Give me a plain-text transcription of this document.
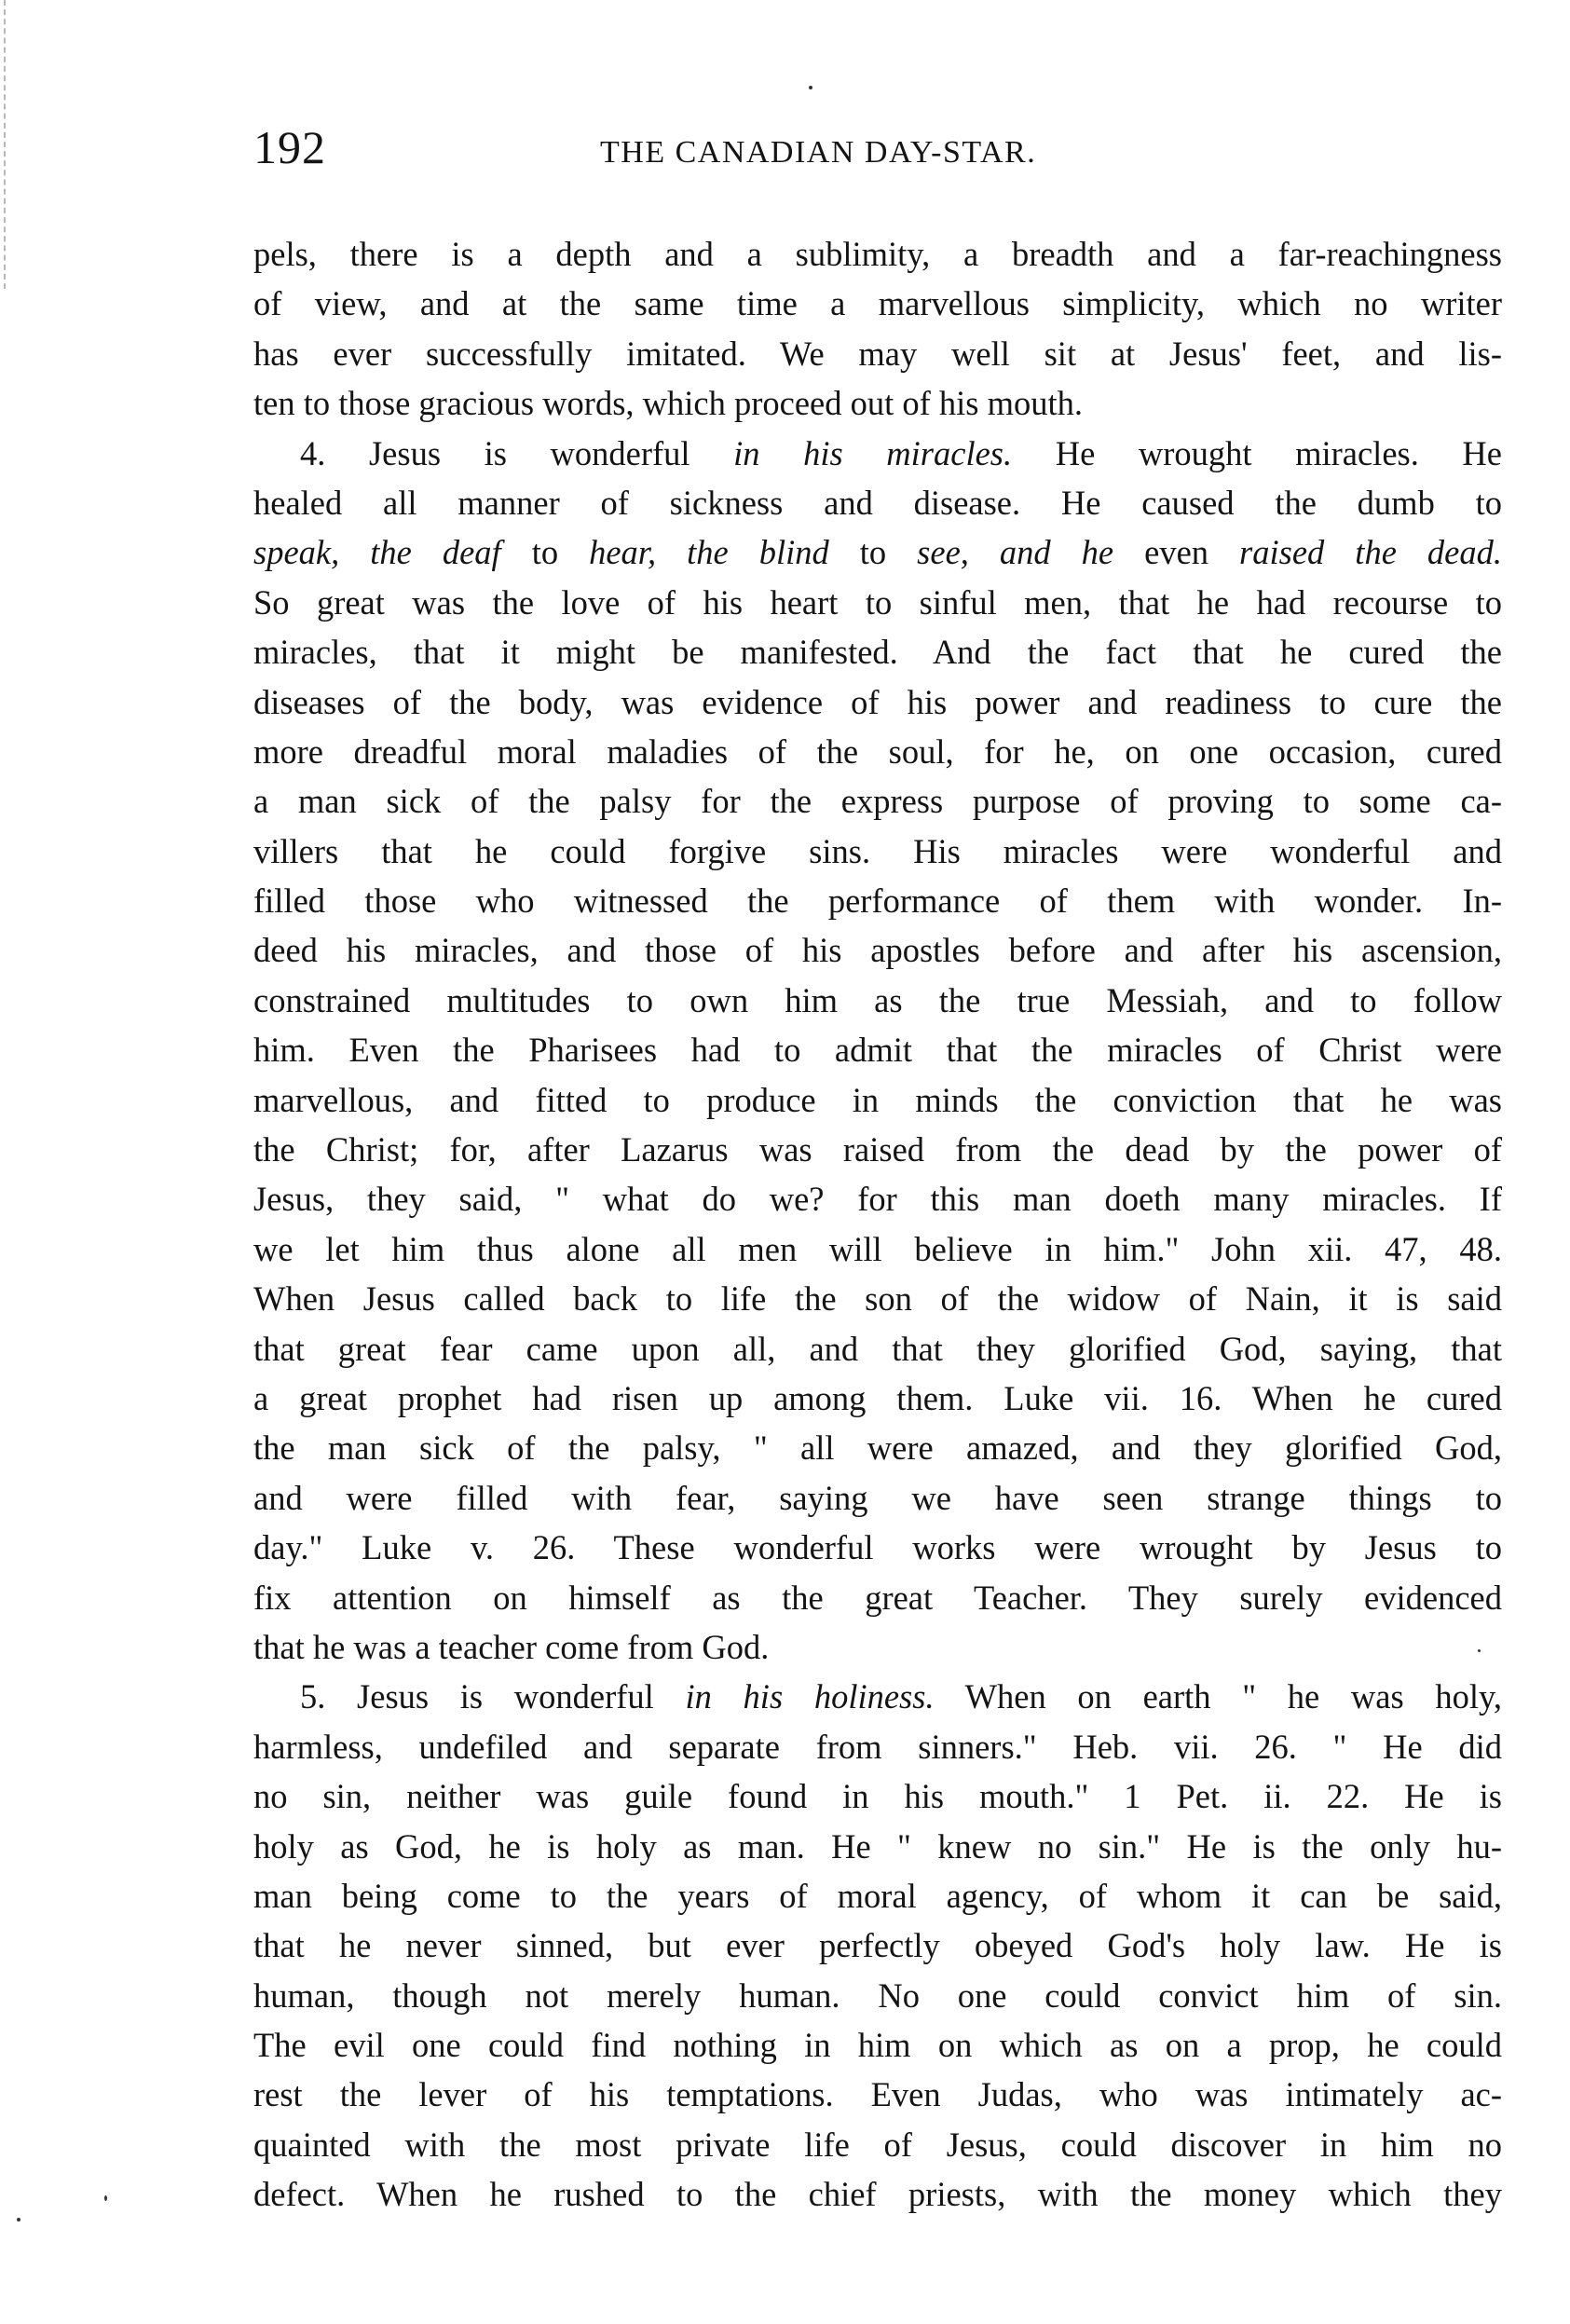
192	THE CANADIAN DAY-STAR.
pels, there is a depth and a sublimity, a breadth and a far-reachingness
of view, and at the same time a marvellous simplicity, which no writer
has ever successfully imitated. We may well sit at Jesus' feet, and lis-
ten to those gracious words, which proceed out of his mouth.
4. Jesus is wonderful in his miracles. He wrought miracles. He
healed all manner of sickness and disease. He caused the dumb to
speak, the deaf to hear, the blind to see, and he even raised the dead.
So great was the love of his heart to sinful men, that he had recourse to
miracles, that it might be manifested. And the fact that he cured the
diseases of the body, was evidence of his power and readiness to cure the
more dreadful moral maladies of the soul, for he, on one occasion, cured
a man sick of the palsy for the express purpose of proving to some ca-
villers that he could forgive sins. His miracles were wonderful and
filled those who witnessed the performance of them with wonder. In-
deed his miracles, and those of his apostles before and after his ascension,
constrained multitudes to own him as the true Messiah, and to follow
him. Even the Pharisees had to admit that the miracles of Christ were
marvellous, and fitted to produce in minds the conviction that he was
the Christ; for, after Lazarus was raised from the dead by the power of
Jesus, they said, " what do we? for this man doeth many miracles. If
we let him thus alone all men will believe in him." John xii. 47, 48.
When Jesus called back to life the son of the widow of Nain, it is said
that great fear came upon all, and that they glorified God, saying, that
a great prophet had risen up among them. Luke vii. 16. When he cured
the man sick of the palsy, " all were amazed, and they glorified God,
and were filled with fear, saying we have seen strange things to
day." Luke v. 26. These wonderful works were wrought by Jesus to
fix attention on himself as the great Teacher. They surely evidenced
that he was a teacher come from God.
5. Jesus is wonderful in his holiness. When on earth " he was holy,
harmless, undefiled and separate from sinners." Heb. vii. 26. " He did
no sin, neither was guile found in his mouth." 1 Pet. ii. 22. He is
holy as God, he is holy as man. He " knew no sin." He is the only hu-
man being come to the years of moral agency, of whom it can be said,
that he never sinned, but ever perfectly obeyed God's holy law. He is
human, though not merely human. No one could convict him of sin.
The evil one could find nothing in him on which as on a prop, he could
rest the lever of his temptations. Even Judas, who was intimately ac-
quainted with the most private life of Jesus, could discover in him no
defect. When he rushed to the chief priests, with the money which they
